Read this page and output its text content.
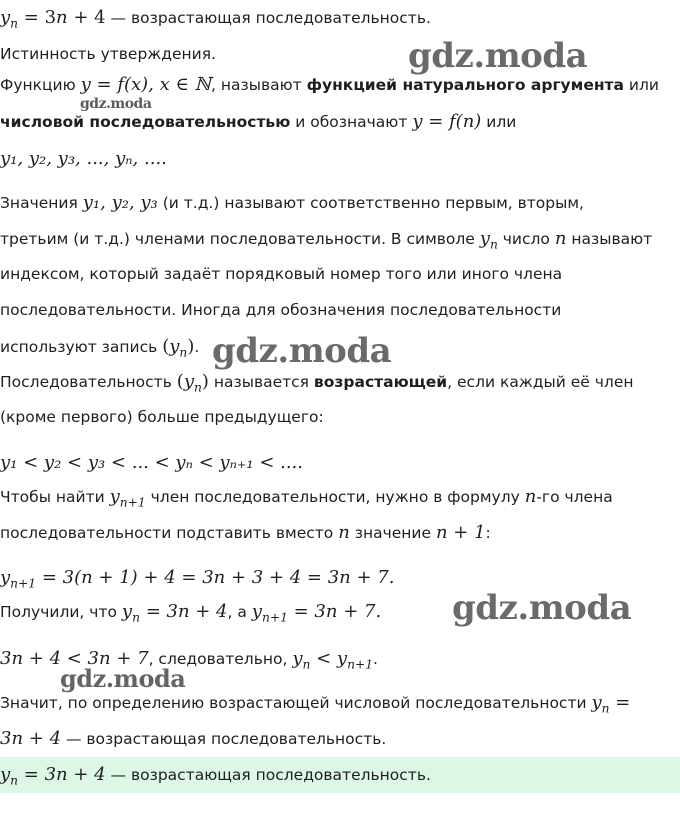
$y_n = 3n + 4$ — возрастающая последовательность.
Истинность утверждения.
Функцию y = f(x), x ∈ ℕ, называют функцией натурального аргумента или
числовой последовательностью и обозначают y = f(n) или
y₁, y₂, y₃, ..., yₙ, ....
Значения y₁, y₂, y₃ (и т.д.) называют соответственно первым, вторым,
третьим (и т.д.) членами последовательности. В символе $y_n$ число n называют
индексом, который задаёт порядковый номер того или иного члена
последовательности. Иногда для обозначения последовательности
используют запись $(y_n)$.
Последовательность $(y_n)$ называется возрастающей, если каждый её член
(кроме первого) больше предыдущего:
y₁ < y₂ < y₃ < ... < yₙ < yₙ₊₁ < ....
Чтобы найти $y_{n+1}$ член последовательности, нужно в формулу n-го члена
последовательности подставить вместо n значение n + 1:
$y_{n+1} = 3(n + 1) + 4 = 3n + 3 + 4 = 3n + 7$.
Получили, что $y_n = 3n + 4$, а $y_{n+1} = 3n + 7$.
3n + 4 < 3n + 7, следовательно, $y_n < y_{n+1}$.
Значит, по определению возрастающей числовой последовательности $y_n$ =
3n + 4 — возрастающая последовательность.
$y_n = 3n + 4$ — возрастающая последовательность.
gdz.moda
gdz.moda
gdz.moda
gdz.moda
gdz.moda
